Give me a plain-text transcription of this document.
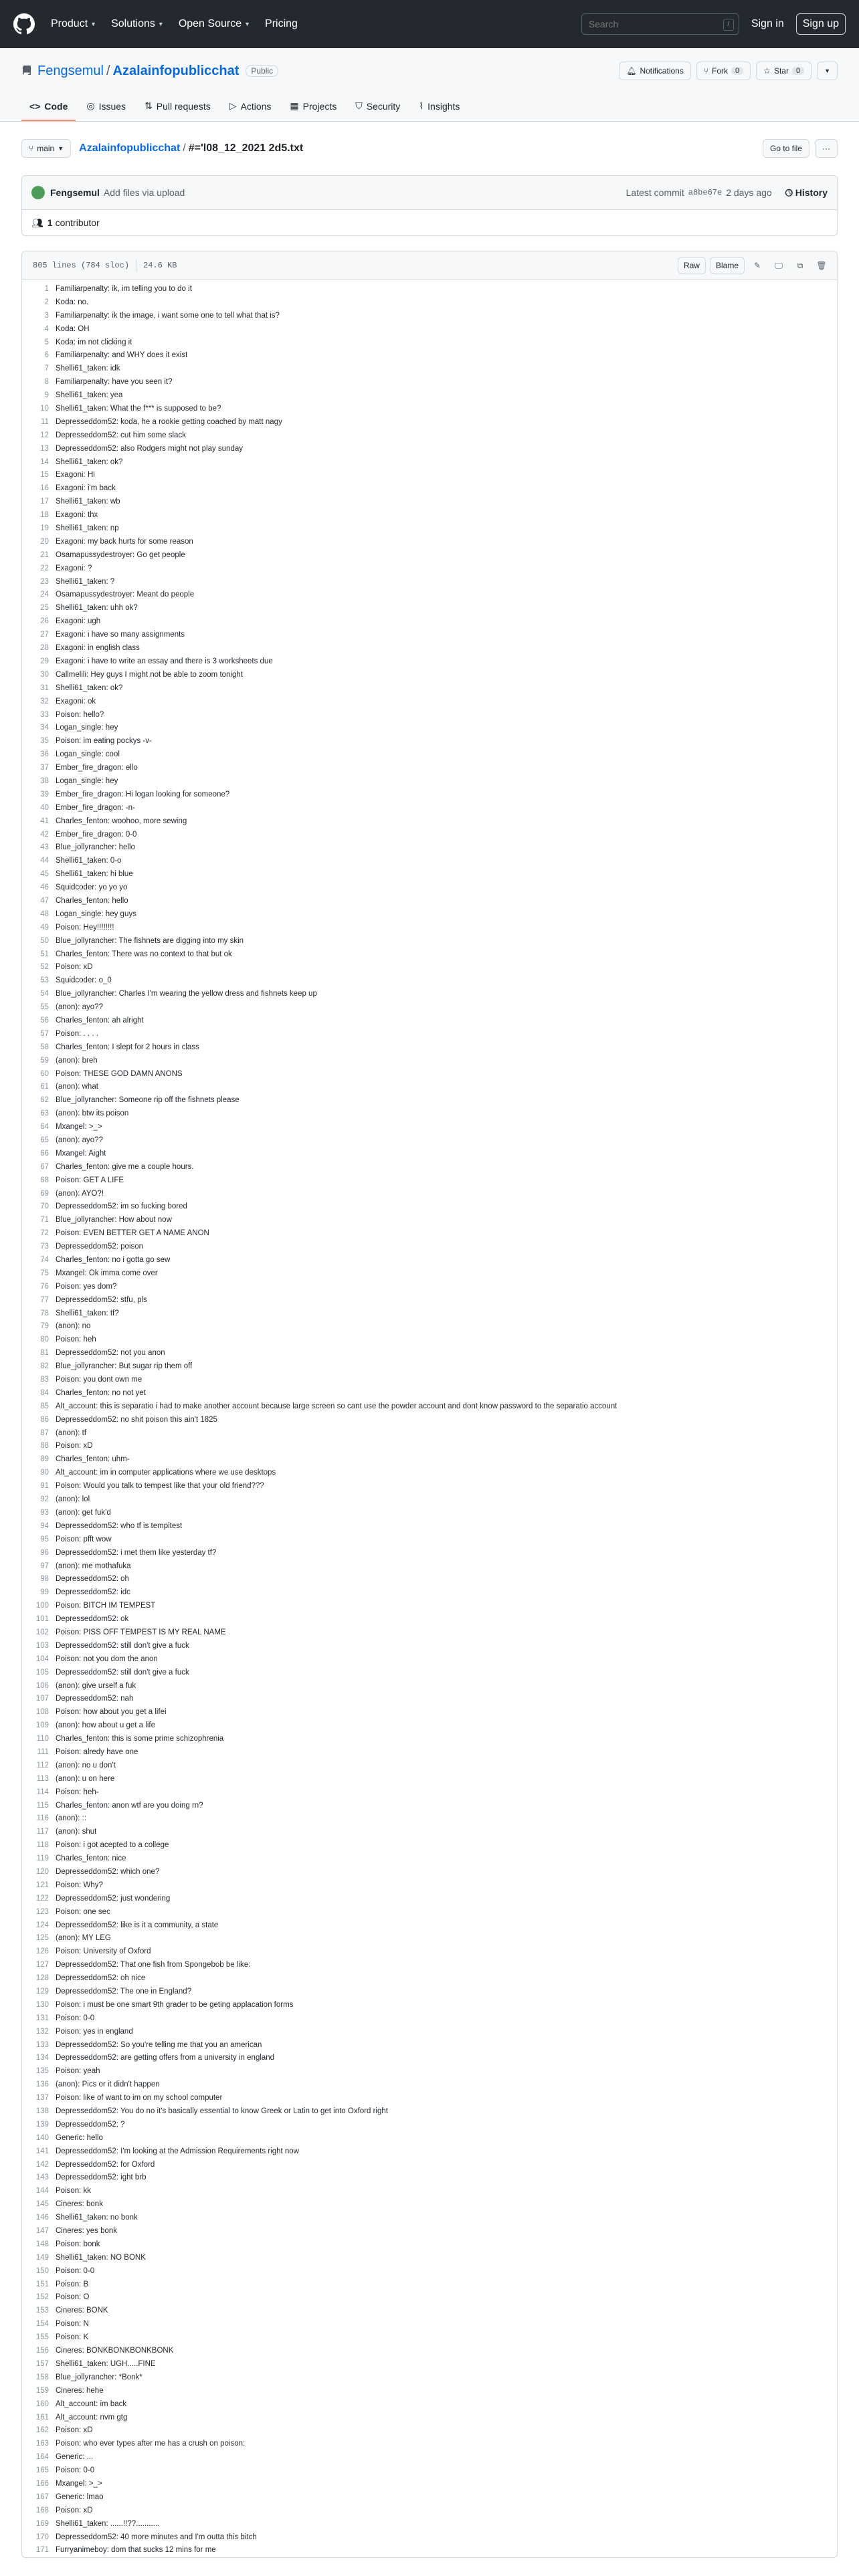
Product ▼ Solutions ▼ Open Source ▼ Pricing
Search	/	Sign in	Sign up
Fengsemul / Azalainfopublicchat	Public	🔔︎ Notifications	⑂ Fork	0	☆ Star	0	▼
<> Code ◎ Issues ⇅ Pull requests ▷ Actions ▦ Projects ⛉ Security ⌇ Insights
⑂ main ▼ Azalainfopublicchat / #='l08_12_2021 2d5.txt	Go to file	···
Fengsemul Add files via upload	Latest commit a8be67e 2 days ago 🕓︎ History
👥︎ 1 contributor
805 lines (784 sloc) 24.6 KB	Raw	Blame	✎	🖵︎	⧉	🗑︎
1 Familiarpenalty: ik, im telling you to do it
2 Koda: no.
3 Familiarpenalty: ik the image, i want some one to tell what that is?
4 Koda: OH
5 Koda: im not clicking it
6 Familiarpenalty: and WHY does it exist
7 Shelli61_taken: idk
8 Familiarpenalty: have you seen it?
9 Shelli61_taken: yea
10 Shelli61_taken: What the f*** is supposed to be?
11 Depresseddom52: koda, he a rookie getting coached by matt nagy
12 Depresseddom52: cut him some slack
13 Depresseddom52: also Rodgers might not play sunday
14 Shelli61_taken: ok?
15 Exagoni: Hi
16 Exagoni: i'm back
17 Shelli61_taken: wb
18 Exagoni: thx
19 Shelli61_taken: np
20 Exagoni: my back hurts for some reason
21 Osamapussydestroyer: Go get people
22 Exagoni: ?
23 Shelli61_taken: ?
24 Osamapussydestroyer: Meant do people
25 Shelli61_taken: uhh ok?
26 Exagoni: ugh
27 Exagoni: i have so many assignments
28 Exagoni: in english class
29 Exagoni: i have to write an essay and there is 3 worksheets due
30 Callmelili: Hey guys I might not be able to zoom tonight
31 Shelli61_taken: ok?
32 Exagoni: ok
33 Poison: hello?
34 Logan_single: hey
35 Poison: im eating pockys -v-
36 Logan_single: cool
37 Ember_fire_dragon: ello
38 Logan_single: hey
39 Ember_fire_dragon: Hi logan looking for someone?
40 Ember_fire_dragon: -n-
41 Charles_fenton: woohoo, more sewing
42 Ember_fire_dragon: 0-0
43 Blue_jollyrancher: hello
44 Shelli61_taken: 0-o
45 Shelli61_taken: hi blue
46 Squidcoder: yo yo yo
47 Charles_fenton: hello
48 Logan_single: hey guys
49 Poison: Hey!!!!!!!!
50 Blue_jollyrancher: The fishnets are digging into my skin
51 Charles_fenton: There was no context to that but ok
52 Poison: xD
53 Squidcoder: o_0
54 Blue_jollyrancher: Charles I'm wearing the yellow dress and fishnets keep up
55 (anon): ayo??
56 Charles_fenton: ah alright
57 Poison: . . . .
58 Charles_fenton: I slept for 2 hours in class
59 (anon): breh
60 Poison: THESE GOD DAMN ANONS
61 (anon): what
62 Blue_jollyrancher: Someone rip off the fishnets please
63 (anon): btw its poison
64 Mxangel: >_>
65 (anon): ayo??
66 Mxangel: Aight
67 Charles_fenton: give me a couple hours.
68 Poison: GET A LIFE
69 (anon): AYO?!
70 Depresseddom52: im so fucking bored
71 Blue_jollyrancher: How about now
72 Poison: EVEN BETTER GET A NAME ANON
73 Depresseddom52: poison
74 Charles_fenton: no i gotta go sew
75 Mxangel: Ok imma come over
76 Poison: yes dom?
77 Depresseddom52: stfu, pls
78 Shelli61_taken: tf?
79 (anon): no
80 Poison: heh
81 Depresseddom52: not you anon
82 Blue_jollyrancher: But sugar rip them off
83 Poison: you dont own me
84 Charles_fenton: no not yet
85 Alt_account: this is separatio i had to make another account because large screen so cant use the powder account and dont know password to the separatio account
86 Depresseddom52: no shit poison this ain't 1825
87 (anon): tf
88 Poison: xD
89 Charles_fenton: uhm-
90 Alt_account: im in computer applications where we use desktops
91 Poison: Would you talk to tempest like that your old friend???
92 (anon): lol
93 (anon): get fuk'd
94 Depresseddom52: who tf is tempitest
95 Poison: pfft wow
96 Depresseddom52: i met them like yesterday tf?
97 (anon): me mothafuka
98 Depresseddom52: oh
99 Depresseddom52: idc
100 Poison: BITCH IM TEMPEST
101 Depresseddom52: ok
102 Poison: PISS OFF TEMPEST IS MY REAL NAME
103 Depresseddom52: still don't give a fuck
104 Poison: not you dom the anon
105 Depresseddom52: still don't give a fuck
106 (anon): give urself a fuk
107 Depresseddom52: nah
108 Poison: how about you get a lifei
109 (anon): how about u get a life
110 Charles_fenton: this is some prime schizophrenia
111 Poison: alredy have one
112 (anon): no u don't
113 (anon): u on here
114 Poison: heh-
115 Charles_fenton: anon wtf are you doing rn?
116 (anon): ::
117 (anon): shut
118 Poison: i got acepted to a college
119 Charles_fenton: nice
120 Depresseddom52: which one?
121 Poison: Why?
122 Depresseddom52: just wondering
123 Poison: one sec
124 Depresseddom52: like is it a community, a state
125 (anon): MY LEG
126 Poison: University of Oxford
127 Depresseddom52: That one fish from Spongebob be like:
128 Depresseddom52: oh nice
129 Depresseddom52: The one in England?
130 Poison: i must be one smart 9th grader to be geting applacation forms
131 Poison: 0-0
132 Poison: yes in england
133 Depresseddom52: So you're telling me that you an american
134 Depresseddom52: are getting offers from a university in england
135 Poison: yeah
136 (anon): Pics or it didn't happen
137 Poison: like of want to im on my school computer
138 Depresseddom52: You do no it's basically essential to know Greek or Latin to get into Oxford right
139 Depresseddom52: ?
140 Generic: hello
141 Depresseddom52: I'm looking at the Admission Requirements right now
142 Depresseddom52: for Oxford
143 Depresseddom52: ight brb
144 Poison: kk
145 Cineres: bonk
146 Shelli61_taken: no bonk
147 Cineres: yes bonk
148 Poison: bonk
149 Shelli61_taken: NO BONK
150 Poison: 0-0
151 Poison: B
152 Poison: O
153 Cineres: BONK
154 Poison: N
155 Poison: K
156 Cineres: BONKBONKBONKBONK
157 Shelli61_taken: UGH.....FINE
158 Blue_jollyrancher: *Bonk*
159 Cineres: hehe
160 Alt_account: im back
161 Alt_account: nvm gtg
162 Poison: xD
163 Poison: who ever types after me has a crush on poison:
164 Generic: ...
165 Poison: 0-0
166 Mxangel: >_>
167 Generic: lmao
168 Poison: xD
169 Shelli61_taken: ......!!??...........
170 Depresseddom52: 40 more minutes and I'm outta this bitch
171 Furryanimeboy: dom that sucks 12 mins for me
